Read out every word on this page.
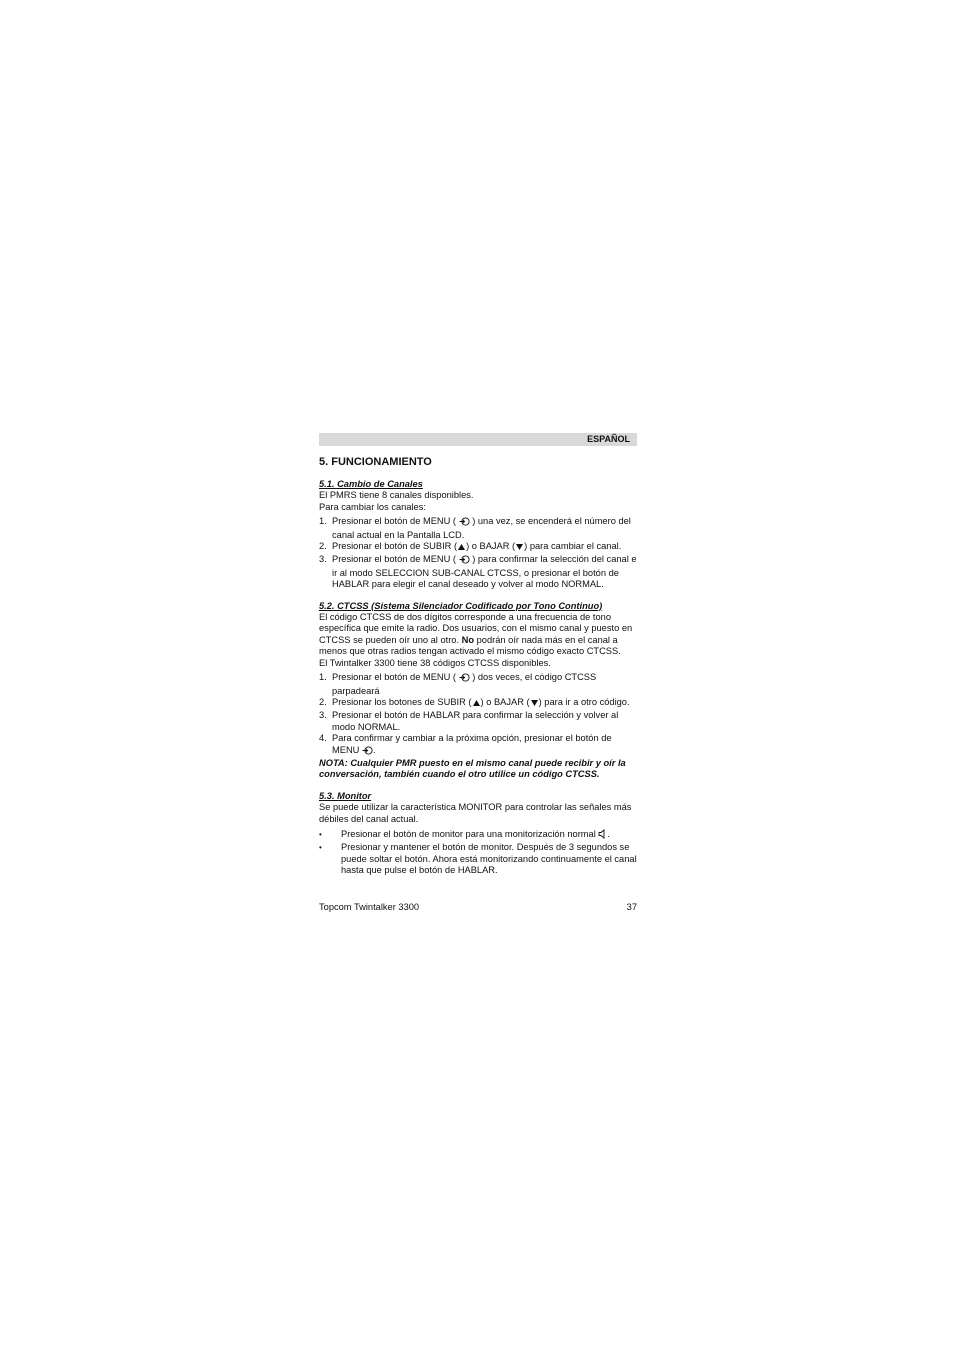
ESPAÑOL
5. FUNCIONAMIENTO
5.1. Cambio de Canales

El PMRS tiene 8 canales disponibles.

Para cambiar los canales:

1. Presionar el botón de MENU ( ) una vez, se encenderá el número del canal actual en la Pantalla LCD.
2. Presionar el botón de SUBIR ( ) o BAJAR ( ) para cambiar el canal.
3. Presionar el botón de MENU ( ) para confirmar la selección del canal e ir al modo SELECCION SUB-CANAL CTCSS, o presionar el botón de HABLAR para elegir el canal deseado y volver al modo NORMAL.
5.2. CTCSS (Sistema Silenciador Codificado por Tono Continuo)

El código CTCSS de dos dígitos corresponde a una frecuencia de tono específica que emite la radio. Dos usuarios, con el mismo canal y puesto en CTCSS se pueden oír uno al otro. No podrán oír nada más en el canal a menos que otras radios tengan activado el mismo código exacto CTCSS.

El Twintalker 3300 tiene 38 códigos CTCSS disponibles.

1. Presionar el botón de MENU ( ) dos veces, el código CTCSS parpadeará
2. Presionar los botones de SUBIR ( ) o BAJAR ( ) para ir a otro código.
3. Presionar el botón de HABLAR para confirmar la selección y volver al modo NORMAL.
4. Para confirmar y cambiar a la próxima opción, presionar el botón de MENU .

NOTA: Cualquier PMR puesto en el mismo canal puede recibir y oír la conversación, también cuando el otro utilice un código CTCSS.

5.3. Monitor

Se puede utilizar la característica MONITOR para controlar las señales más débiles del canal actual.

•	Presionar el botón de monitor para una monitorización normal .
•	Presionar y mantener el botón de monitor. Después de 3 segundos se puede soltar el botón. Ahora está monitorizando continuamente el canal hasta que pulse el botón de HABLAR.
Topcom Twintalker 3300	37
